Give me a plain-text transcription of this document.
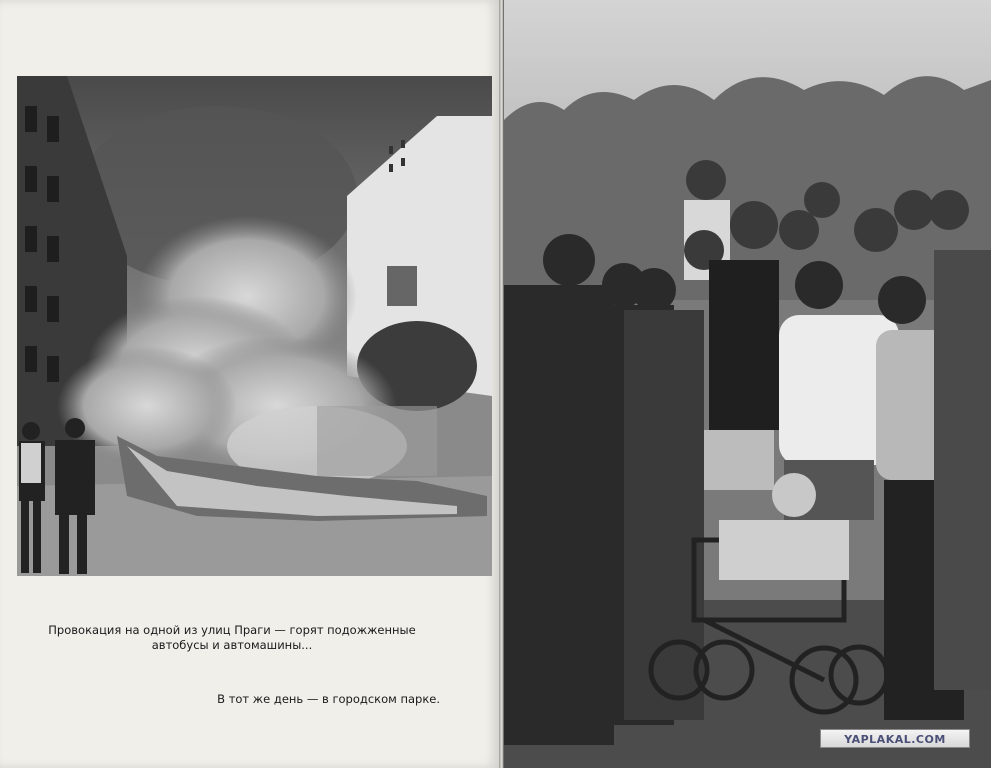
Провокация на одной из улиц Праги — горят подожженные автобусы и автомашины...
В тот же день — в городском парке.
YAPLAKAL.COM
